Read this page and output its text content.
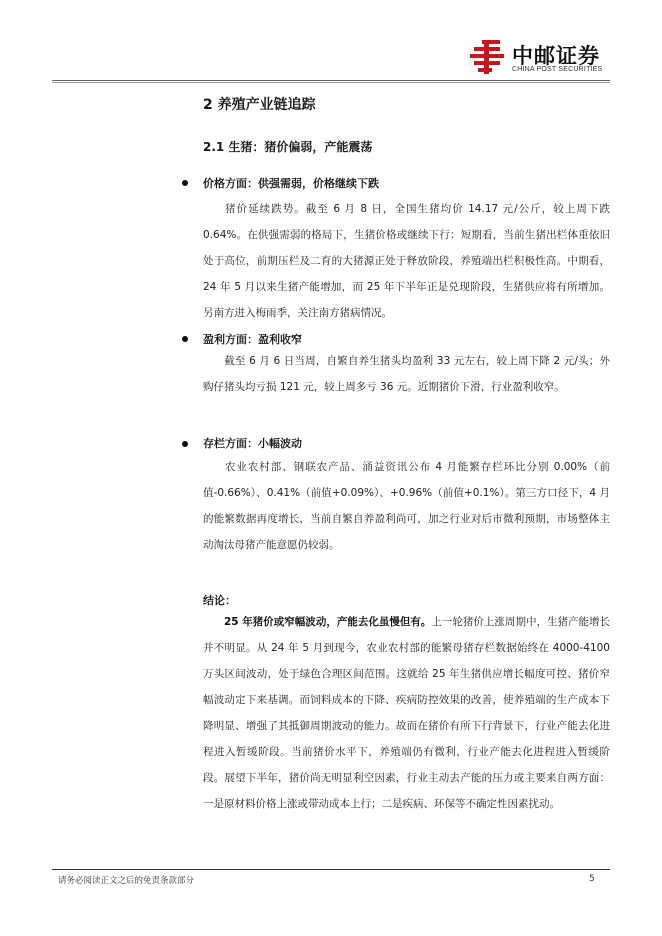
中邮证券
CHINA POST SECURITIES
2 养殖产业链追踪
2.1 生猪：猪价偏弱，产能震荡
价格方面：供强需弱，价格继续下跌
猪价延续跌势。截至 6 月 8 日，全国生猪均价 14.17 元/公斤，较上周下跌 0.64%。在供强需弱的格局下，生猪价格或继续下行：短期看，当前生猪出栏体重依旧处于高位，前期压栏及二育的大猪源正处于释放阶段，养殖端出栏积极性高。中期看，24 年 5 月以来生猪产能增加，而 25 年下半年正是兑现阶段，生猪供应将有所增加。另南方进入梅雨季，关注南方猪病情况。
盈利方面：盈利收窄
截至 6 月 6 日当周，自繁自养生猪头均盈利 33 元左右，较上周下降 2 元/头；外购仔猪头均亏损 121 元，较上周多亏 36 元。近期猪价下滑，行业盈利收窄。
存栏方面：小幅波动
农业农村部、钢联农产品、涌益资讯公布 4 月能繁存栏环比分别 0.00%（前值-0.66%）、0.41%（前值+0.09%）、+0.96%（前值+0.1%）。第三方口径下，4 月的能繁数据再度增长，当前自繁自养盈利尚可，加之行业对后市微利预期，市场整体主动淘汰母猪产能意愿仍较弱。
结论：
25 年猪价或窄幅波动，产能去化虽慢但有。上一轮猪价上涨周期中，生猪产能增长并不明显。从 24 年 5 月到现今，农业农村部的能繁母猪存栏数据始终在 4000-4100 万头区间波动，处于绿色合理区间范围。这就给 25 年生猪供应增长幅度可控、猪价窄幅波动定下来基调。而饲料成本的下降、疾病防控效果的改善，使养殖端的生产成本下降明显、增强了其抵御周期波动的能力。故而在猪价有所下行背景下，行业产能去化进程进入暂缓阶段。当前猪价水平下，养殖端仍有微利，行业产能去化进程进入暂缓阶段。展望下半年，猪价尚无明显利空因素，行业主动去产能的压力或主要来自两方面：一是原材料价格上涨或带动成本上行；二是疾病、环保等不确定性因素扰动。
请务必阅读正文之后的免责条款部分	5
